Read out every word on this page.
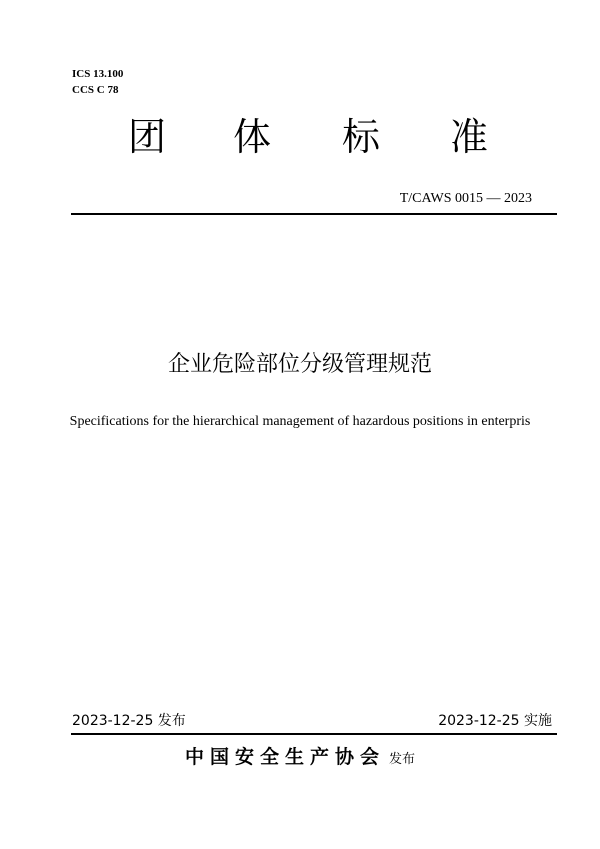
ICS 13.100
CCS C 78
团 体 标 准
T/CAWS 0015 — 2023
企业危险部位分级管理规范
Specifications for the hierarchical management of hazardous positions in enterpris
2023-12-25 发布	2023-12-25 实施
中国安全生产协会 发布
